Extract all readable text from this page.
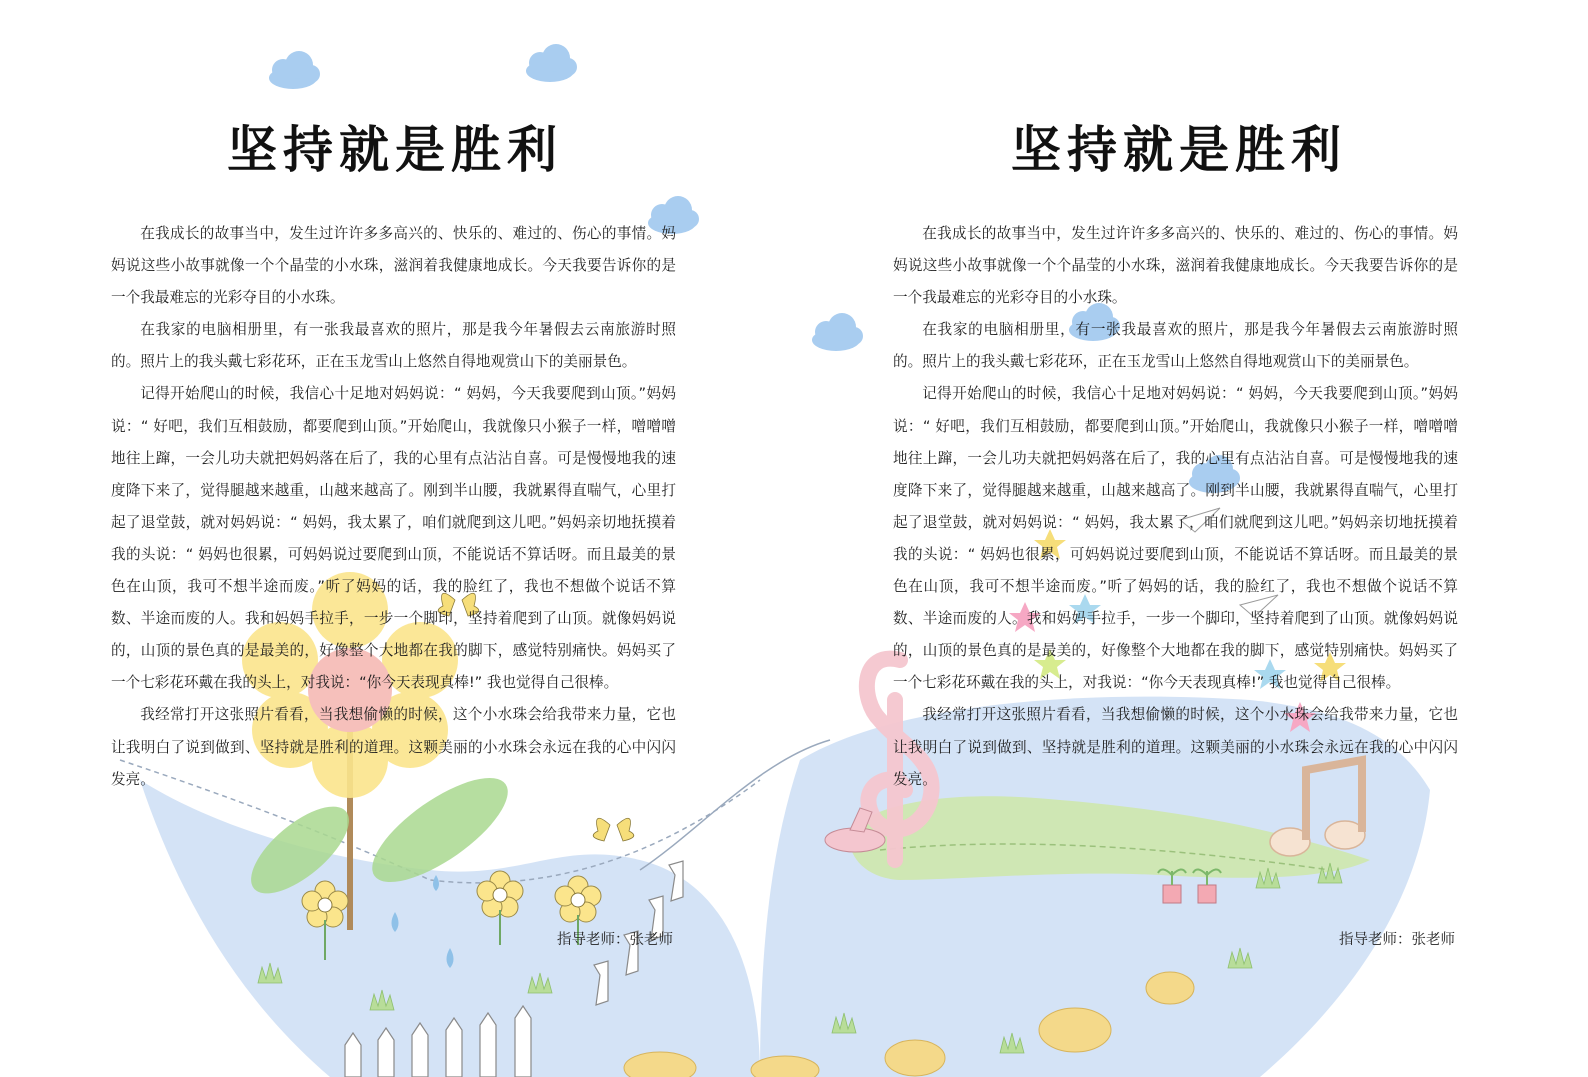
坚持就是胜利

在我成长的故事当中，发生过许许多多高兴的、快乐的、难过的、伤心的事情。妈妈说这些小故事就像一个个晶莹的小水珠，滋润着我健康地成长。今天我要告诉你的是一个我最难忘的光彩夺目的小水珠。

在我家的电脑相册里，有一张我最喜欢的照片，那是我今年暑假去云南旅游时照的。照片上的我头戴七彩花环，正在玉龙雪山上悠然自得地观赏山下的美丽景色。

记得开始爬山的时候，我信心十足地对妈妈说：“ 妈妈，今天我要爬到山顶。”妈妈说：“ 好吧，我们互相鼓励，都要爬到山顶。”开始爬山，我就像只小猴子一样，噌噌噌地往上蹿，一会儿功夫就把妈妈落在后了，我的心里有点沾沾自喜。可是慢慢地我的速度降下来了，觉得腿越来越重，山越来越高了。刚到半山腰，我就累得直喘气，心里打起了退堂鼓，就对妈妈说：“ 妈妈，我太累了，咱们就爬到这儿吧。”妈妈亲切地抚摸着我的头说：“ 妈妈也很累，可妈妈说过要爬到山顶，不能说话不算话呀。而且最美的景色在山顶，我可不想半途而废。”听了妈妈的话，我的脸红了，我也不想做个说话不算数、半途而废的人。我和妈妈手拉手，一步一个脚印，坚持着爬到了山顶。就像妈妈说的，山顶的景色真的是最美的，好像整个大地都在我的脚下，感觉特别痛快。妈妈买了一个七彩花环戴在我的头上，对我说：“你今天表现真棒!” 我也觉得自己很棒。

我经常打开这张照片看看，当我想偷懒的时候，这个小水珠会给我带来力量，它也让我明白了说到做到、坚持就是胜利的道理。这颗美丽的小水珠会永远在我的心中闪闪发亮。

指导老师：张老师
坚持就是胜利

在我成长的故事当中，发生过许许多多高兴的、快乐的、难过的、伤心的事情。妈妈说这些小故事就像一个个晶莹的小水珠，滋润着我健康地成长。今天我要告诉你的是一个我最难忘的光彩夺目的小水珠。

在我家的电脑相册里，有一张我最喜欢的照片，那是我今年暑假去云南旅游时照的。照片上的我头戴七彩花环，正在玉龙雪山上悠然自得地观赏山下的美丽景色。

记得开始爬山的时候，我信心十足地对妈妈说：“ 妈妈，今天我要爬到山顶。”妈妈说：“ 好吧，我们互相鼓励，都要爬到山顶。”开始爬山，我就像只小猴子一样，噌噌噌地往上蹿，一会儿功夫就把妈妈落在后了，我的心里有点沾沾自喜。可是慢慢地我的速度降下来了，觉得腿越来越重，山越来越高了。刚到半山腰，我就累得直喘气，心里打起了退堂鼓，就对妈妈说：“ 妈妈，我太累了，咱们就爬到这儿吧。”妈妈亲切地抚摸着我的头说：“ 妈妈也很累，可妈妈说过要爬到山顶，不能说话不算话呀。而且最美的景色在山顶，我可不想半途而废。”听了妈妈的话，我的脸红了，我也不想做个说话不算数、半途而废的人。我和妈妈手拉手，一步一个脚印，坚持着爬到了山顶。就像妈妈说的，山顶的景色真的是最美的，好像整个大地都在我的脚下，感觉特别痛快。妈妈买了一个七彩花环戴在我的头上，对我说：“你今天表现真棒!” 我也觉得自己很棒。

我经常打开这张照片看看，当我想偷懒的时候，这个小水珠会给我带来力量，它也让我明白了说到做到、坚持就是胜利的道理。这颗美丽的小水珠会永远在我的心中闪闪发亮。

指导老师：张老师
